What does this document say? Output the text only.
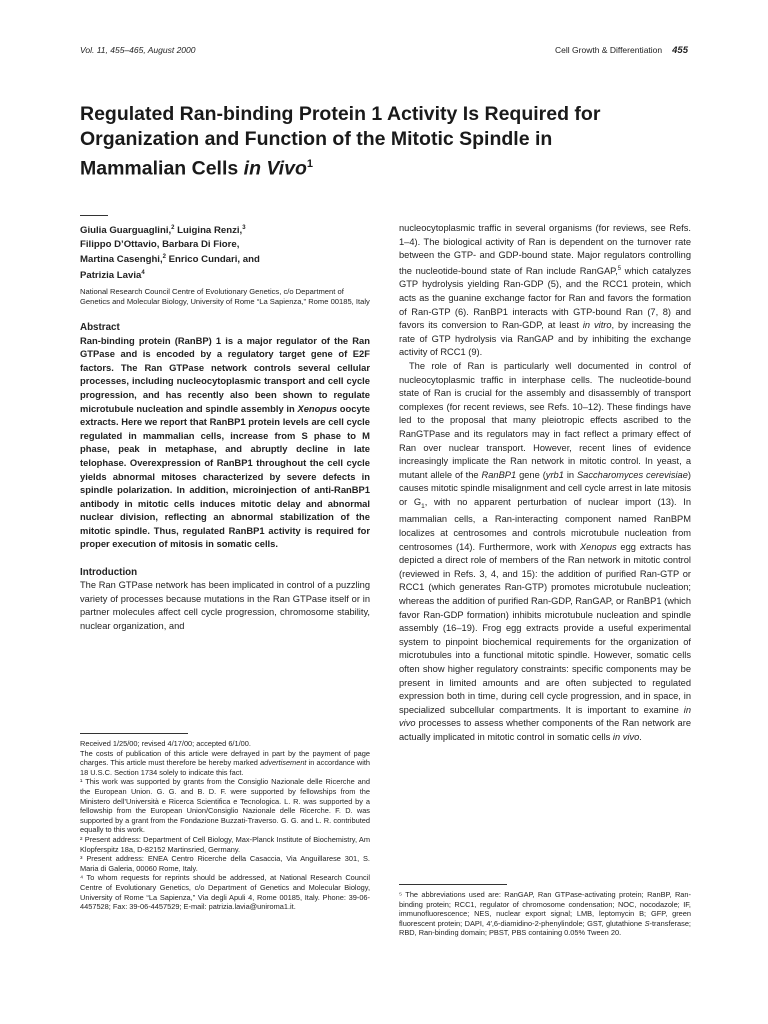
Vol. 11, 455–465, August 2000	Cell Growth & Differentiation 455
Regulated Ran-binding Protein 1 Activity Is Required for
Organization and Function of the Mitotic Spindle in
Mammalian Cells in Vivo$^1$
Giulia Guarguaglini,$^2$ Luigina Renzi,$^3$
Filippo D’Ottavio, Barbara Di Fiore,
Martina Casenghi,$^2$ Enrico Cundari, and
Patrizia Lavia$^4$
National Research Council Centre of Evolutionary Genetics, c/o Department of Genetics and Molecular Biology, University of Rome “La Sapienza,” Rome 00185, Italy
Abstract

Ran-binding protein (RanBP) 1 is a major regulator of the Ran GTPase and is encoded by a regulatory target gene of E2F factors. The Ran GTPase network controls several cellular processes, including nucleocytoplasmic transport and cell cycle progression, and has recently also been shown to regulate microtubule nucleation and spindle assembly in Xenopus oocyte extracts. Here we report that RanBP1 protein levels are cell cycle regulated in mammalian cells, increase from S phase to M phase, peak in metaphase, and abruptly decline in late telophase. Overexpression of RanBP1 throughout the cell cycle yields abnormal mitoses characterized by severe defects in spindle polarization. In addition, microinjection of anti-RanBP1 antibody in mitotic cells induces mitotic delay and abnormal nuclear division, reflecting an abnormal stabilization of the mitotic spindle. Thus, regulated RanBP1 activity is required for proper execution of mitosis in somatic cells.

Introduction

The Ran GTPase network has been implicated in control of a puzzling variety of processes because mutations in the Ran GTPase itself or in partner molecules affect cell cycle progression, chromosome stability, nuclear organization, and

Received 1/25/00; revised 4/17/00; accepted 6/1/00.

The costs of publication of this article were defrayed in part by the payment of page charges. This article must therefore be hereby marked advertisement in accordance with 18 U.S.C. Section 1734 solely to indicate this fact.

¹ This work was supported by grants from the Consiglio Nazionale delle Ricerche and the European Union. G. G. and B. D. F. were supported by fellowships from the Ministero dell’Università e Ricerca Scientifica e Tecnologica. L. R. was supported by a fellowship from the European Union/Consiglio Nazionale delle Ricerche. F. D. was supported by a grant from the Fondazione Buzzati-Traverso. G. G. and L. R. contributed equally to this work.

² Present address: Department of Cell Biology, Max-Planck Institute of Biochemistry, Am Klopferspitz 18a, D-82152 Martinsried, Germany.

³ Present address: ENEA Centro Ricerche della Casaccia, Via Anguillarese 301, S. Maria di Galeria, 00060 Rome, Italy.

⁴ To whom requests for reprints should be addressed, at National Research Council Centre of Evolutionary Genetics, c/o Department of Genetics and Molecular Biology, University of Rome “La Sapienza,” Via degli Apuli 4, Rome 00185, Italy. Phone: 39-06-4457528; Fax: 39-06-4457529; E-mail: patrizia.lavia@uniroma1.it.

nucleocytoplasmic traffic in several organisms (for reviews, see Refs. 1–4). The biological activity of Ran is dependent on the turnover rate between the GTP- and GDP-bound state. Major regulators controlling the nucleotide-bound state of Ran include RanGAP,$^5$ which catalyzes GTP hydrolysis yielding Ran-GDP (5), and the RCC1 protein, which acts as the guanine exchange factor for Ran and favors the formation of Ran-GTP (6). RanBP1 interacts with GTP-bound Ran (7, 8) and favors its conversion to Ran-GDP, at least in vitro, by increasing the rate of GTP hydrolysis via RanGAP and by inhibiting the exchange activity of RCC1 (9).

The role of Ran is particularly well documented in control of nucleocytoplasmic traffic in interphase cells. The nucleotide-bound state of Ran is crucial for the assembly and disassembly of transport complexes (for recent reviews, see Refs. 10–12). These findings have led to the proposal that many pleiotropic effects ascribed to the RanGTPase and its regulators may in fact reflect a primary effect of Ran over nuclear transport. However, recent lines of evidence increasingly implicate the Ran network in mitotic control. In yeast, a mutant allele of the RanBP1 gene (yrb1 in Saccharomyces cerevisiae) causes mitotic spindle misalignment and cell cycle arrest in late mitosis or $G_1$, with no apparent perturbation of nuclear import (13). In mammalian cells, a Ran-interacting component named RanBPM localizes at centrosomes and controls microtubule nucleation from centrosomes (14). Furthermore, work with Xenopus egg extracts has depicted a direct role of members of the Ran network in mitotic control (reviewed in Refs. 3, 4, and 15): the addition of purified Ran-GTP or RCC1 (which generates Ran-GTP) promotes microtubule nucleation; whereas the addition of purified Ran-GDP, RanGAP, or RanBP1 (which favor Ran-GDP formation) inhibits microtubule nucleation and spindle assembly (16–19). Frog egg extracts provide a useful experimental system to pinpoint biochemical requirements for the organization of microtubules into a functional mitotic spindle. However, somatic cells often show higher regulatory constraints: specific components may be present in limited amounts and are often subjected to regulated expression both in time, during cell cycle progression, and in space, in specialized subcellular compartments. It is important to examine in vivo processes to assess whether components of the Ran network are actually implicated in mitotic control in somatic cells in vivo.

⁵ The abbreviations used are: RanGAP, Ran GTPase-activating protein; RanBP, Ran-binding protein; RCC1, regulator of chromosome condensation; NOC, nocodazole; IF, immunofluorescence; NES, nuclear export signal; LMB, leptomycin B; GFP, green fluorescent protein; DAPI, 4′,6-diamidino-2-phenylindole; GST, glutathione S-transferase; RBD, Ran-binding domain; PBST, PBS containing 0.05% Tween 20.
